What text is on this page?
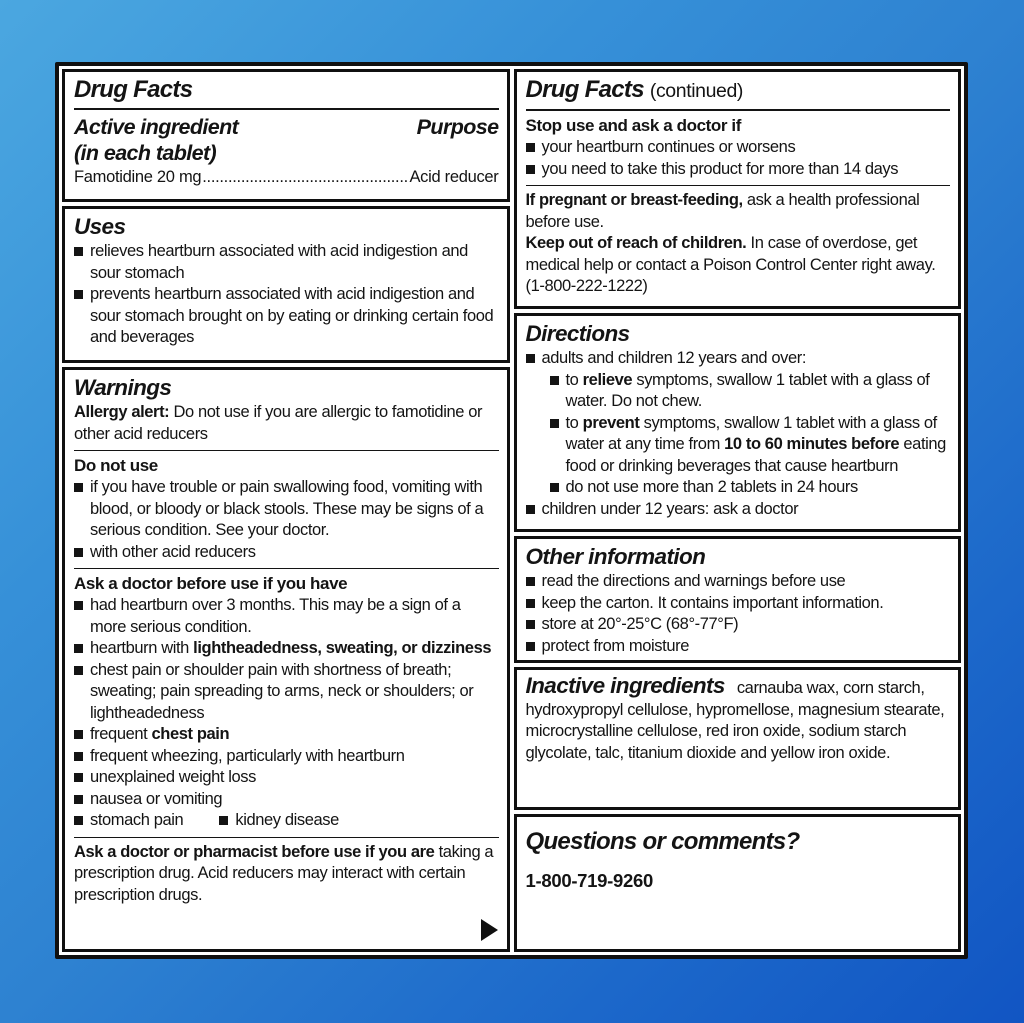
Drug Facts
Active ingredient	Purpose
(in each tablet)
Famotidine 20 mg .....	Acid reducer
Uses
relieves heartburn associated with acid indigestion and sour stomach
prevents heartburn associated with acid indigestion and sour stomach brought on by eating or drinking certain food and beverages
Warnings
Allergy alert: Do not use if you are allergic to famotidine or other acid reducers
Do not use
if you have trouble or pain swallowing food, vomiting with blood, or bloody or black stools. These may be signs of a serious condition. See your doctor.
with other acid reducers
Ask a doctor before use if you have
had heartburn over 3 months. This may be a sign of a more serious condition.
heartburn with lightheadedness, sweating, or dizziness
chest pain or shoulder pain with shortness of breath; sweating; pain spreading to arms, neck or shoulders; or lightheadedness
frequent chest pain
frequent wheezing, particularly with heartburn
unexplained weight loss
nausea or vomiting
stomach pain	kidney disease
Ask a doctor or pharmacist before use if you are taking a prescription drug. Acid reducers may interact with certain prescription drugs.
Drug Facts (continued)
Stop use and ask a doctor if
your heartburn continues or worsens
you need to take this product for more than 14 days
If pregnant or breast-feeding, ask a health professional before use.
Keep out of reach of children. In case of overdose, get medical help or contact a Poison Control Center right away. (1-800-222-1222)
Directions
adults and children 12 years and over:
to relieve symptoms, swallow 1 tablet with a glass of water. Do not chew.
to prevent symptoms, swallow 1 tablet with a glass of water at any time from 10 to 60 minutes before eating food or drinking beverages that cause heartburn
do not use more than 2 tablets in 24 hours
children under 12 years: ask a doctor
Other information
read the directions and warnings before use
keep the carton. It contains important information.
store at 20°-25°C (68°-77°F)
protect from moisture
Inactive ingredients carnauba wax, corn starch, hydroxypropyl cellulose, hypromellose, magnesium stearate, microcrystalline cellulose, red iron oxide, sodium starch glycolate, talc, titanium dioxide and yellow iron oxide.
Questions or comments?
1-800-719-9260
